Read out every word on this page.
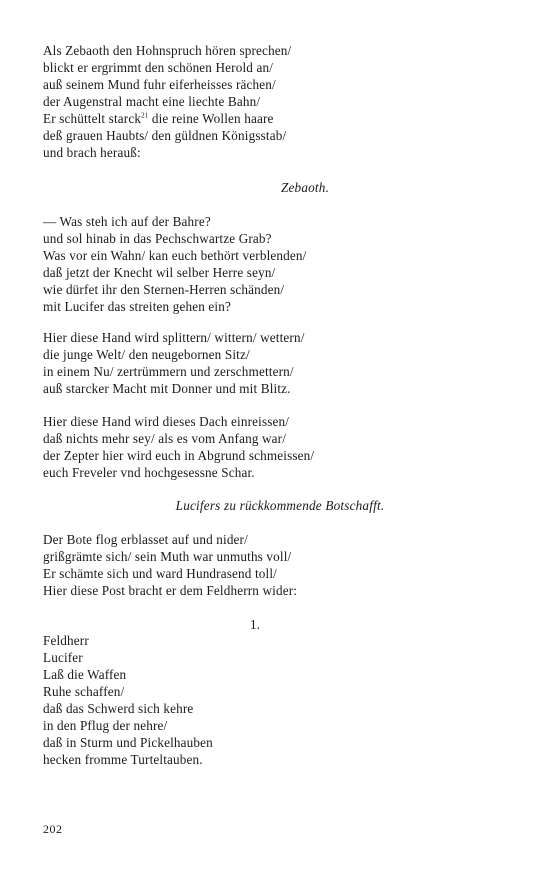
Als Zebaoth den Hohnspruch hören sprechen/
blickt er ergrimmt den schönen Herold an/
auß seinem Mund fuhr eiferheisses rächen/
der Augenstral macht eine liechte Bahn/
Er schüttelt starck$^{21}$ die reine Wollen haare
deß grauen Haubts/ den güldnen Königsstab/
und brach herauß:
Zebaoth.
— Was steh ich auf der Bahre?
und sol hinab in das Pechschwartze Grab?
Was vor ein Wahn/ kan euch bethört verblenden/
daß jetzt der Knecht wil selber Herre seyn/
wie dürfet ihr den Sternen-Herren schänden/
mit Lucifer das streiten gehen ein?
Hier diese Hand wird splittern/ wittern/ wettern/
die junge Welt/ den neugebornen Sitz/
in einem Nu/ zertrümmern und zerschmettern/
auß starcker Macht mit Donner und mit Blitz.
Hier diese Hand wird dieses Dach einreissen/
daß nichts mehr sey/ als es vom Anfang war/
der Zepter hier wird euch in Abgrund schmeissen/
euch Freveler vnd hochgesessne Schar.
Lucifers zu rückkommende Botschafft.
Der Bote flog erblasset auf und nider/
grißgrämte sich/ sein Muth war unmuths voll/
Er schämte sich und ward Hundrasend toll/
Hier diese Post bracht er dem Feldherrn wider:
1.
Feldherr
Lucifer
Laß die Waffen
Ruhe schaffen/
daß das Schwerd sich kehre
in den Pflug der nehre/
daß in Sturm und Pickelhauben
hecken fromme Turteltauben.
202
